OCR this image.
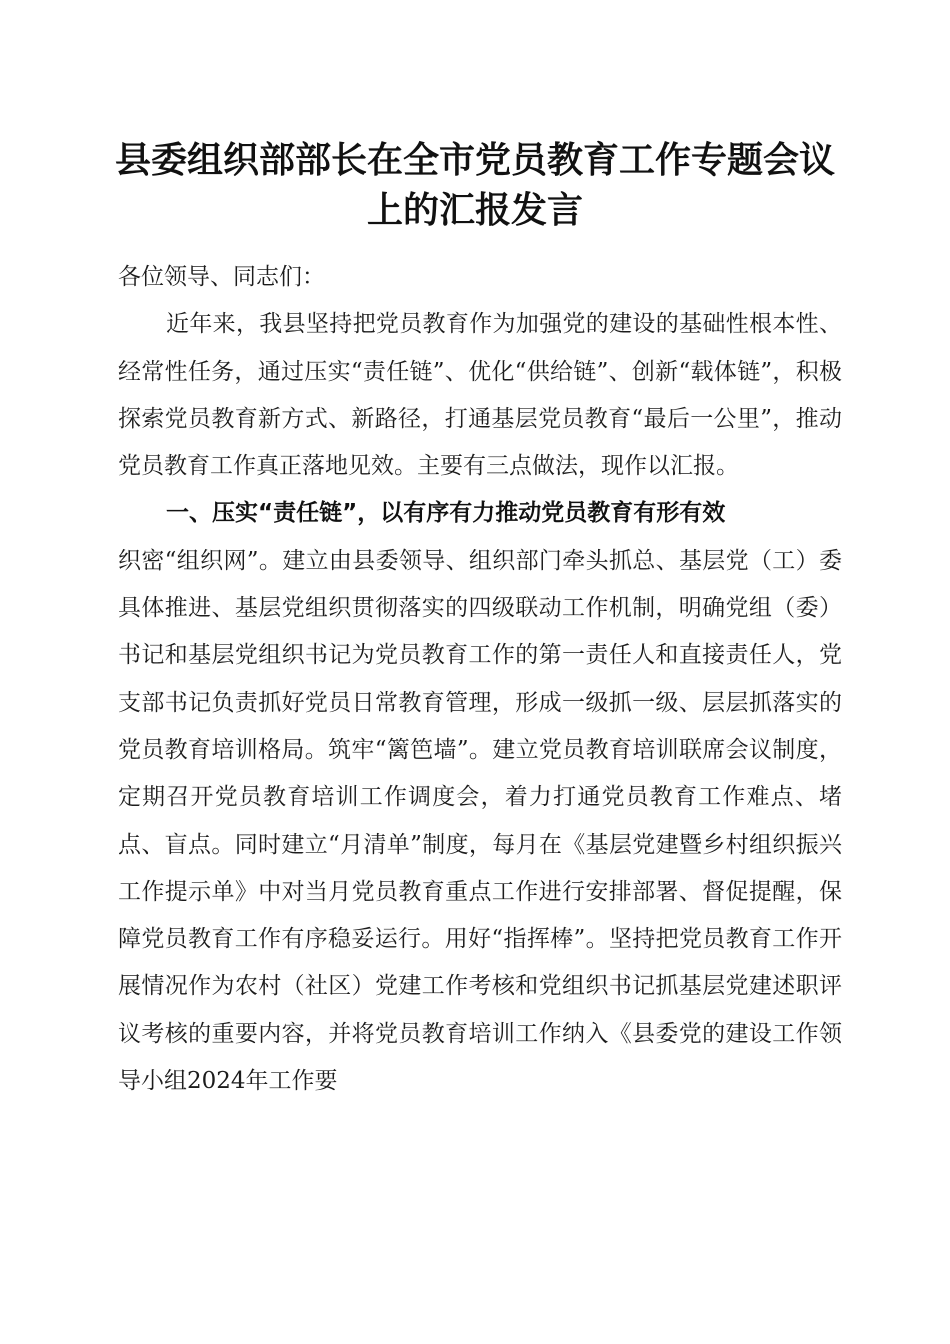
县委组织部部长在全市党员教育工作专题会议
上的汇报发言

各位领导、同志们：

近年来，我县坚持把党员教育作为加强党的建设的基础性根本性、经常性任务，通过压实“责任链”、优化“供给链”、创新“载体链”，积极探索党员教育新方式、新路径，打通基层党员教育“最后一公里”，推动党员教育工作真正落地见效。主要有三点做法，现作以汇报。

一、压实“责任链”，以有序有力推动党员教育有形有效

织密“组织网”。建立由县委领导、组织部门牵头抓总、基层党（工）委具体推进、基层党组织贯彻落实的四级联动工作机制，明确党组（委）书记和基层党组织书记为党员教育工作的第一责任人和直接责任人，党支部书记负责抓好党员日常教育管理，形成一级抓一级、层层抓落实的党员教育培训格局。筑牢“篱笆墙”。建立党员教育培训联席会议制度，定期召开党员教育培训工作调度会，着力打通党员教育工作难点、堵点、盲点。同时建立“月清单”制度，每月在《基层党建暨乡村组织振兴工作提示单》中对当月党员教育重点工作进行安排部署、督促提醒，保障党员教育工作有序稳妥运行。用好“指挥棒”。坚持把党员教育工作开展情况作为农村（社区）党建工作考核和党组织书记抓基层党建述职评议考核的重要内容，并将党员教育培训工作纳入《县委党的建设工作领导小组2024年工作要
